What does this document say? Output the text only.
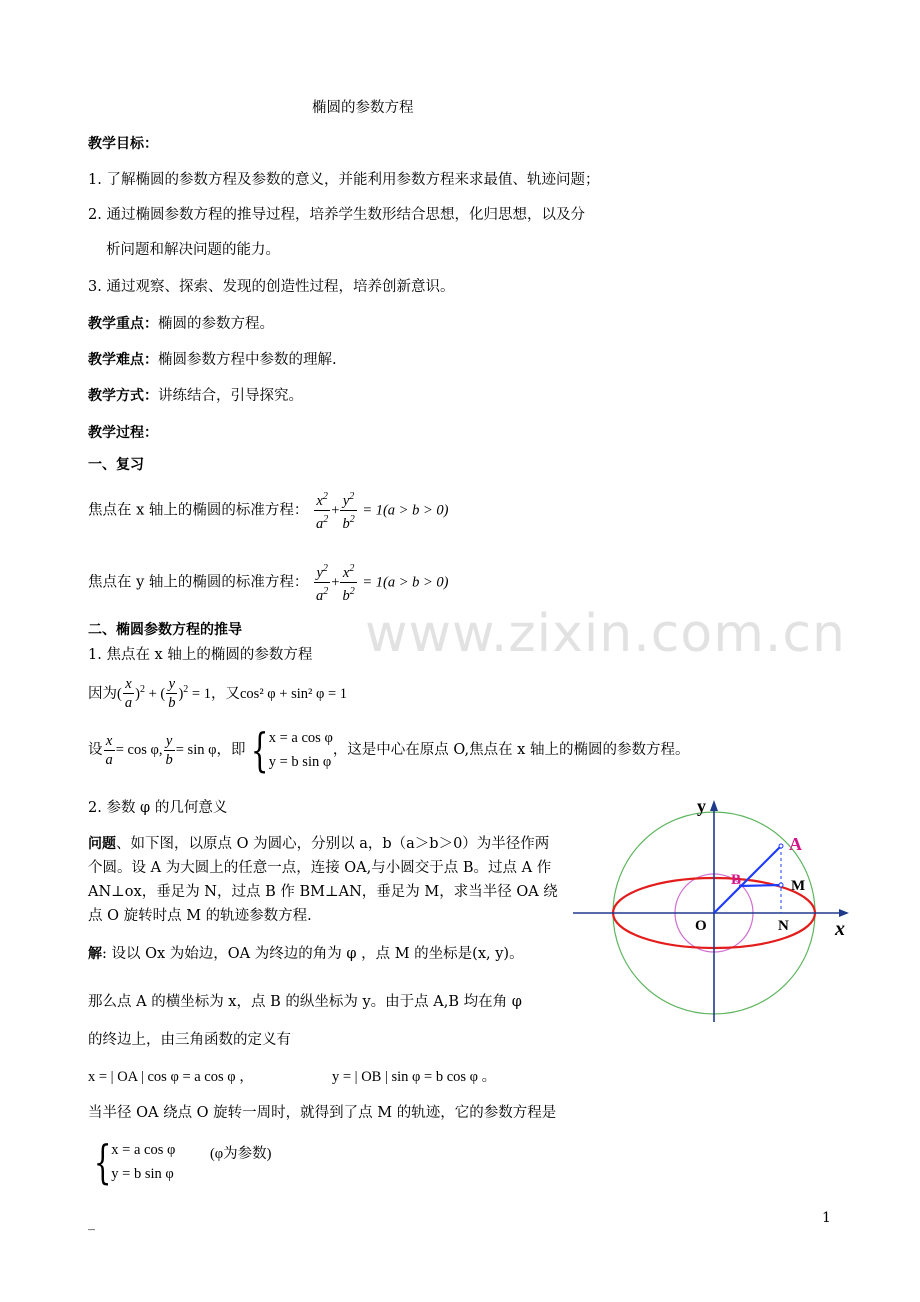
www.zixin.com.cn
椭圆的参数方程
教学目标：
1. 了解椭圆的参数方程及参数的意义，并能利用参数方程来求最值、轨迹问题；
2. 通过椭圆参数方程的推导过程，培养学生数形结合思想，化归思想，以及分
析问题和解决问题的能力。
3. 通过观察、探索、发现的创造性过程，培养创新意识。
教学重点：椭圆的参数方程。
教学难点：椭圆参数方程中参数的理解.
教学方式：讲练结合，引导探究。
教学过程：
一、复习
焦点在 x 轴上的椭圆的标准方程： $\frac{x^2}{a^2} + \frac{y^2}{b^2} = 1(a > b > 0)$
焦点在 y 轴上的椭圆的标准方程： $\frac{y^2}{a^2} + \frac{x^2}{b^2} = 1(a > b > 0)$
二、椭圆参数方程的推导
1. 焦点在 x 轴上的椭圆的参数方程
因为( $\frac{x}{a} )^2$ + ( $\frac{y}{b} )^2 = 1$，又cos² φ + sin² φ = 1
设 $\frac{x}{a} = \cos \varphi$, $\frac{y}{b} = \sin \varphi$，即 { x = a cos φ
y = b sin φ
，这是中心在原点 O,焦点在 x 轴上的椭圆的参数方程。
2. 参数 φ 的几何意义
问题、如下图，以原点 O 为圆心，分别以 a，b（a＞b＞0）为半径作两个圆。设 A 为大圆上的任意一点，连接 OA,与小圆交于点 B。过点 A 作 AN⊥ox，垂足为 N，过点 B 作 BM⊥AN，垂足为 M，求当半径 OA 绕点 O 旋转时点 M 的轨迹参数方程.
解: 设以 Ox 为始边，OA 为终边的角为 φ ，点 M 的坐标是(x, y)。
那么点 A 的横坐标为 x，点 B 的纵坐标为 y。由于点 A,B 均在角 φ
的终边上，由三角函数的定义有
x = | OA | cos φ = a cos φ ，	y = | OB | sin φ = b cos φ 。
当半径 OA 绕点 O 旋转一周时，就得到了点 M 的轨迹，它的参数方程是
{ x = a cos φ
y = b sin φ
(φ为参数)
_	1
y
x
A
B	M
O	N
